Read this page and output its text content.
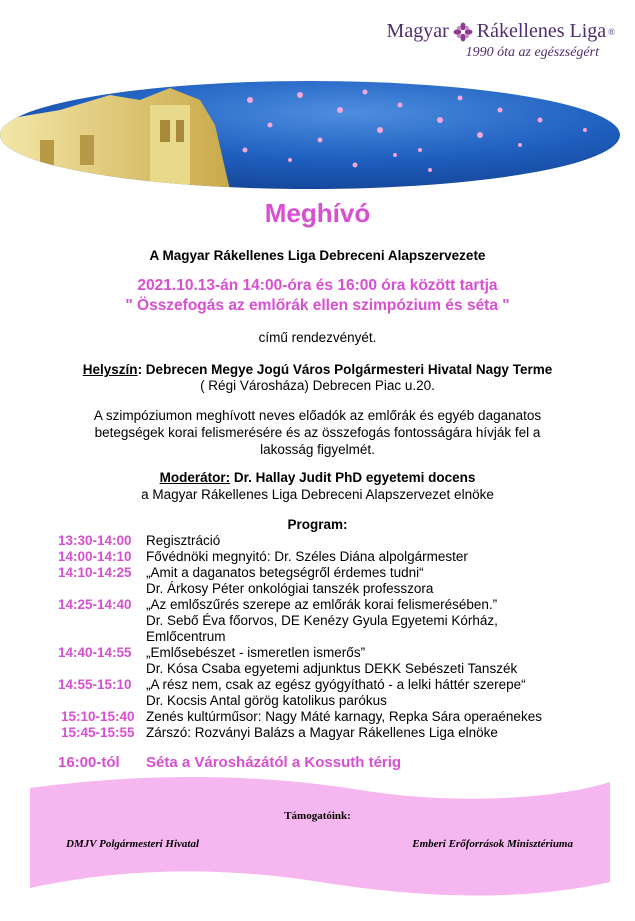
Magyar Rákellenes Liga ®
1990 óta az egészségért
Meghívó
A Magyar Rákellenes Liga Debreceni Alapszervezete
2021.10.13-án 14:00-óra és 16:00 óra között tartja
" Összefogás az emlőrák ellen szimpózium és séta "
című rendezvényét.
Helyszín: Debrecen Megye Jogú Város Polgármesteri Hivatal Nagy Terme
( Régi Városháza) Debrecen Piac u.20.
A szimpóziumon meghívott neves előadók az emlőrák és egyéb daganatos betegségek korai felismerésére és az összefogás fontosságára hívják fel a lakosság figyelmét.
Moderátor: Dr. Hallay Judit PhD egyetemi docens
a Magyar Rákellenes Liga Debreceni Alapszervezet elnöke
Program:
13:30-14:00	Regisztráció
14:00-14:10	Fővédnöki megnyitó: Dr. Széles Diána alpolgármester
14:10-14:25	„Amit a daganatos betegségről érdemes tudni“
Dr. Árkosy Péter onkológiai tanszék professzora
14:25-14:40	„Az emlőszűrés szerepe az emlőrák korai felismerésében.”
Dr. Sebő Éva főorvos, DE Kenézy Gyula Egyetemi Kórház,
Emlőcentrum
14:40-14:55	„Emlősebészet - ismeretlen ismerős”
Dr. Kósa Csaba egyetemi adjunktus DEKK Sebészeti Tanszék
14:55-15:10	„A rész nem, csak az egész gyógyítható - a lelki háttér szerepe“
Dr. Kocsis Antal görög katolikus parókus
15:10-15:40 Zenés kultúrműsor: Nagy Máté karnagy, Repka Sára operaénekes
15:45-15:55 Zárszó: Rozványi Balázs a Magyar Rákellenes Liga elnöke
16:00-tól	Séta a Városházától a Kossuth térig
Támogatóink:
DMJV Polgármesteri Hivatal	Emberi Erőforrások Minisztériuma
